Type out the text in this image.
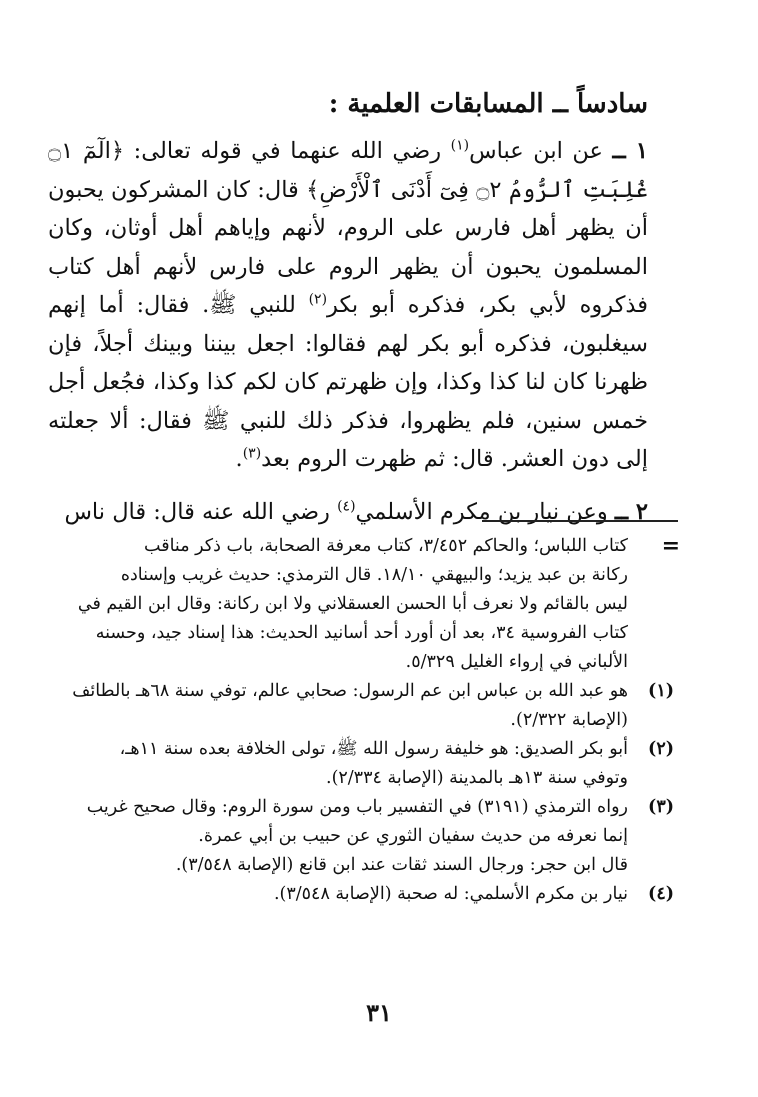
سادساً ــ المسابقات العلمية :

١ ــ عن ابن عباس$^{(١)}$ رضي الله عنهما في قوله تعالى: ﴿الٓمٓ ۝١ غُلِبَتِ ٱلرُّومُ ۝٢ فِىٓ أَدْنَى ٱلْأَرْضِ﴾ قال: كان المشركون يحبون أن يظهر أهل فارس على الروم، لأنهم وإياهم أهل أوثان، وكان المسلمون يحبون أن يظهر الروم على فارس لأنهم أهل كتاب فذكروه لأبي بكر، فذكره أبو بكر$^{(٢)}$ للنبي ﷺ. فقال: أما إنهم سيغلبون، فذكره أبو بكر لهم فقالوا: اجعل بيننا وبينك أجلاً، فإن ظهرنا كان لنا كذا وكذا، وإن ظهرتم كان لكم كذا وكذا، فجُعل أجل خمس سنين، فلم يظهروا، فذكر ذلك للنبي ﷺ فقال: ألا جعلته إلى دون العشر. قال: ثم ظهرت الروم بعد$^{(٣)}$.

٢ ــ وعن نيار بن مكرم الأسلمي$^{(٤)}$ رضي الله عنه قال: قال ناس

=
كتاب اللباس؛ والحاكم ٣/٤٥٢، كتاب معرفة الصحابة، باب ذكر مناقب
ركانة بن عبد يزيد؛ والبيهقي ١٨/١٠. قال الترمذي: حديث غريب وإسناده
ليس بالقائم ولا نعرف أبا الحسن العسقلاني ولا ابن ركانة: وقال ابن القيم في
كتاب الفروسية ٣٤، بعد أن أورد أحد أسانيد الحديث: هذا إسناد جيد، وحسنه
الألباني في إرواء الغليل ٥/٣٢٩.
(١)
هو عبد الله بن عباس ابن عم الرسول: صحابي عالم، توفي سنة ٦٨هـ بالطائف
(الإصابة ٢/٣٢٢).
(٢)
أبو بكر الصديق: هو خليفة رسول الله ﷺ، تولى الخلافة بعده سنة ١١هـ،
وتوفي سنة ١٣هـ بالمدينة (الإصابة ٢/٣٣٤).
(٣)
رواه الترمذي (٣١٩١) في التفسير باب ومن سورة الروم: وقال صحيح غريب
إنما نعرفه من حديث سفيان الثوري عن حبيب بن أبي عمرة.
قال ابن حجر: ورجال السند ثقات عند ابن قانع (الإصابة ٣/٥٤٨).
(٤)
نيار بن مكرم الأسلمي: له صحبة (الإصابة ٣/٥٤٨).
٣١
